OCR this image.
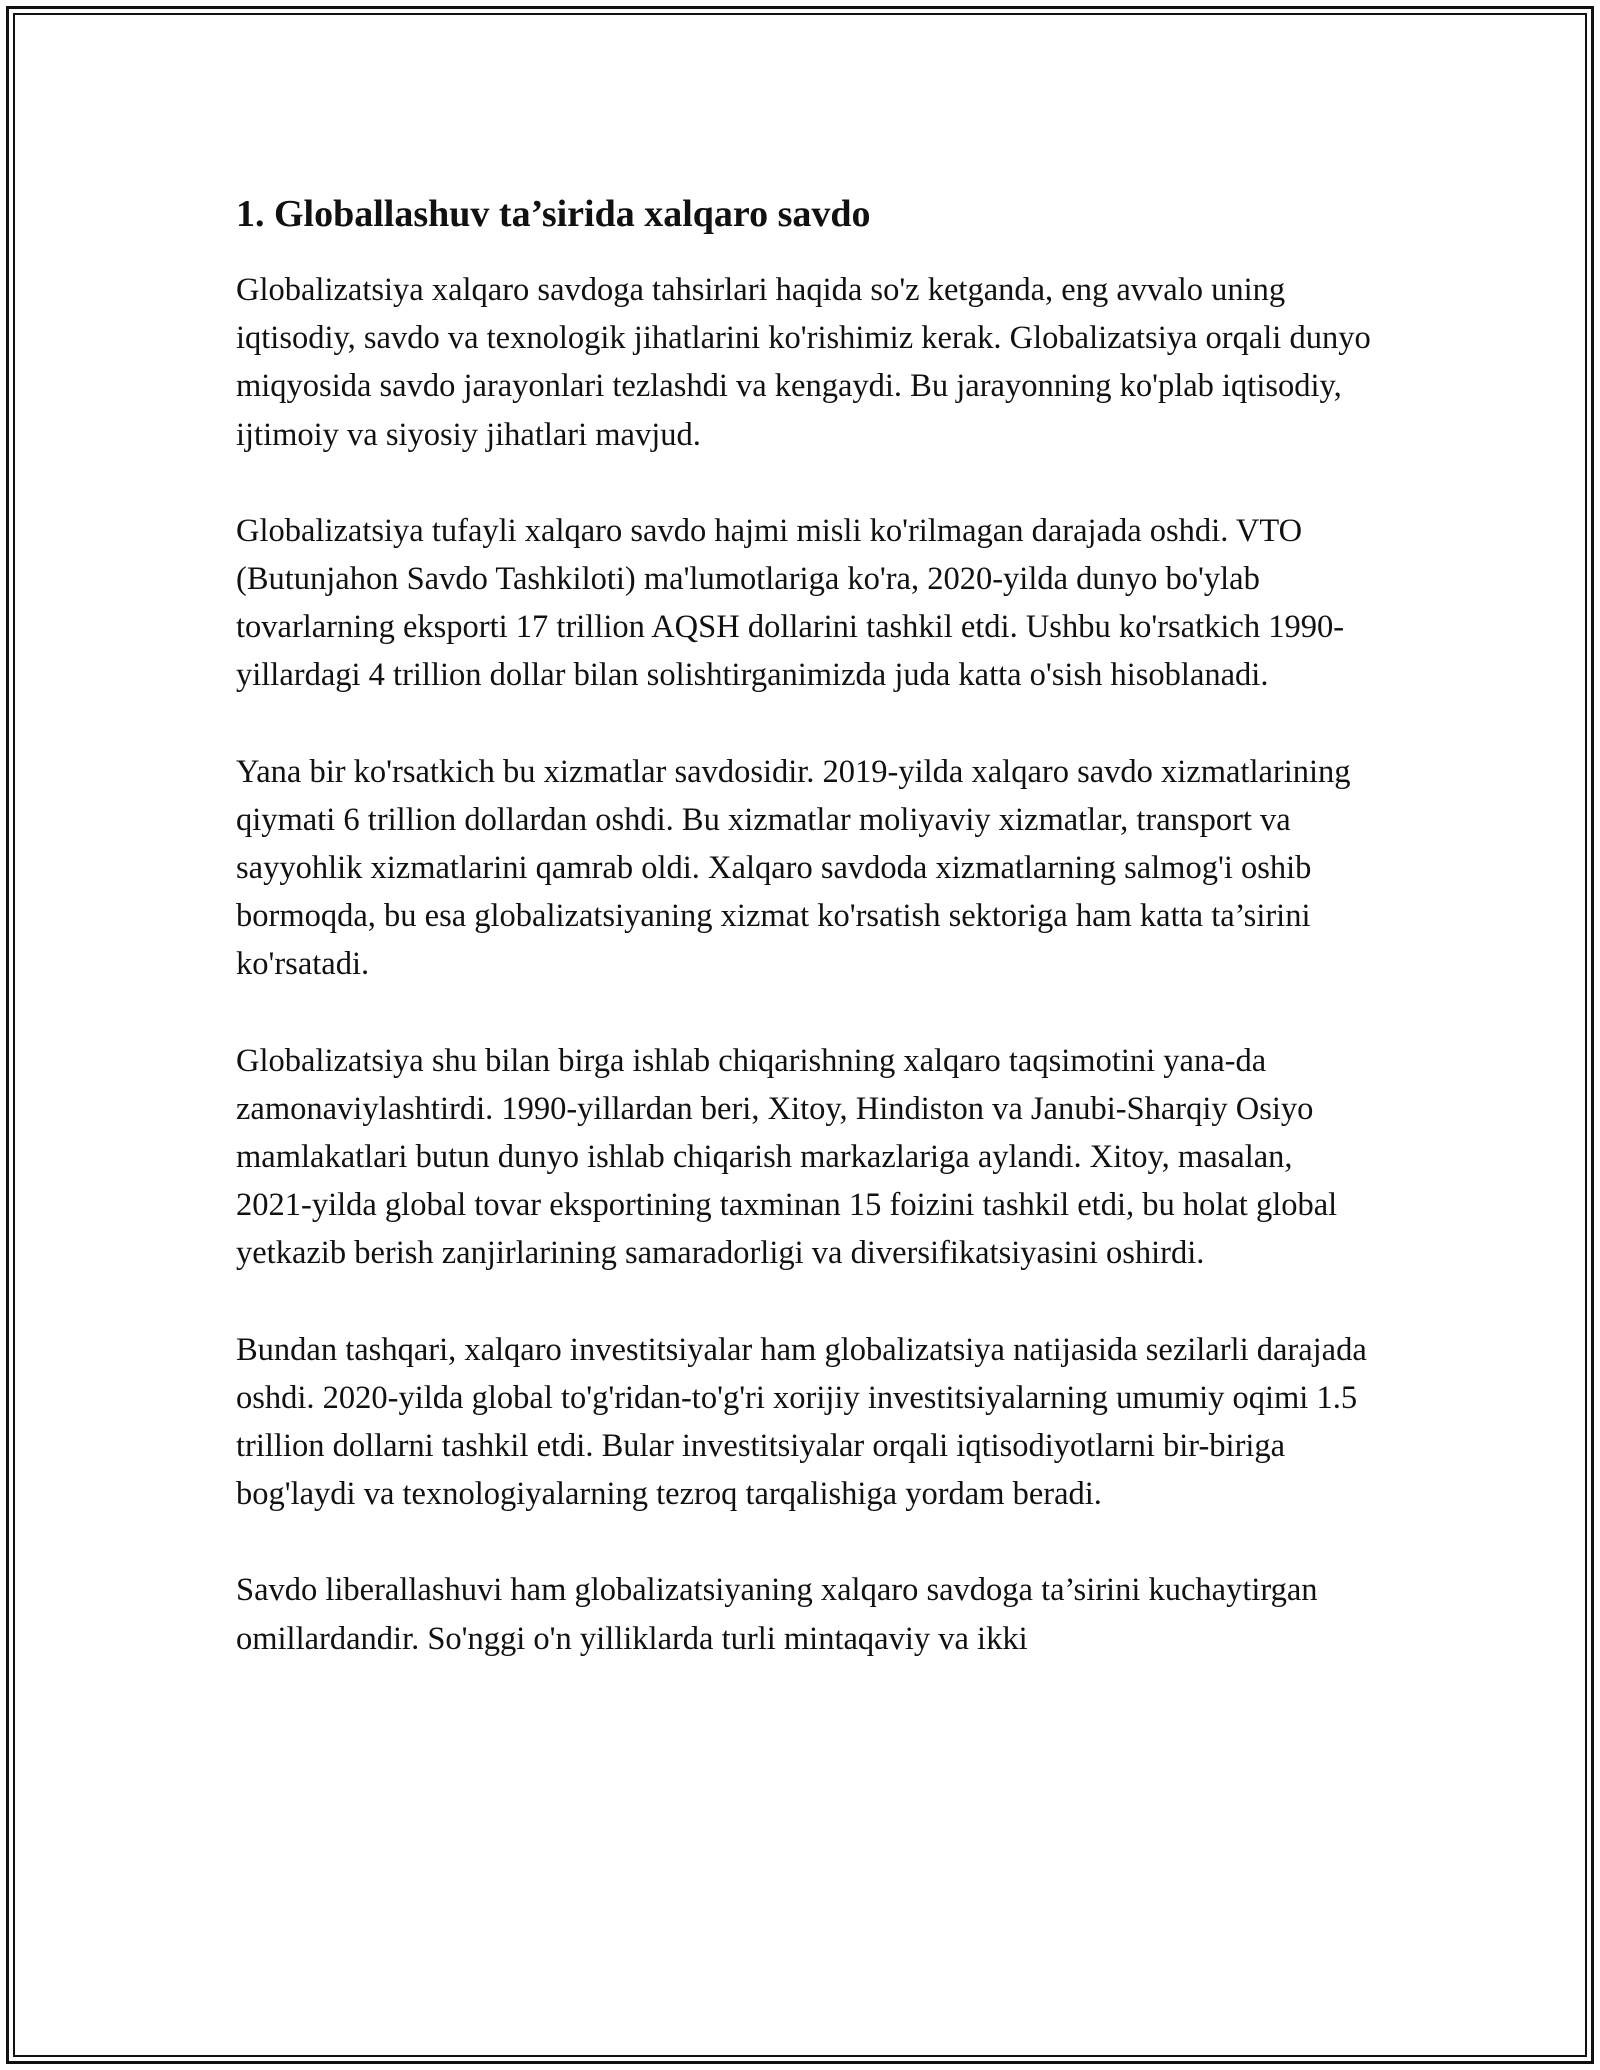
1. Globallashuv ta’sirida xalqaro savdo

Globalizatsiya xalqaro savdoga tahsirlari haqida so'z ketganda, eng avvalo uning iqtisodiy, savdo va texnologik jihatlarini ko'rishimiz kerak. Globalizatsiya orqali dunyo miqyosida savdo jarayonlari tezlashdi va kengaydi. Bu jarayonning ko'plab iqtisodiy, ijtimoiy va siyosiy jihatlari mavjud.

Globalizatsiya tufayli xalqaro savdo hajmi misli ko'rilmagan darajada oshdi. VTO (Butunjahon Savdo Tashkiloti) ma'lumotlariga ko'ra, 2020-yilda dunyo bo'ylab tovarlarning eksporti 17 trillion AQSH dollarini tashkil etdi. Ushbu ko'rsatkich 1990-yillardagi 4 trillion dollar bilan solishtirganimizda juda katta o'sish hisoblanadi.

Yana bir ko'rsatkich bu xizmatlar savdosidir. 2019-yilda xalqaro savdo xizmatlarining qiymati 6 trillion dollardan oshdi. Bu xizmatlar moliyaviy xizmatlar, transport va sayyohlik xizmatlarini qamrab oldi. Xalqaro savdoda xizmatlarning salmog'i oshib bormoqda, bu esa globalizatsiyaning xizmat ko'rsatish sektoriga ham katta ta’sirini ko'rsatadi.

Globalizatsiya shu bilan birga ishlab chiqarishning xalqaro taqsimotini yana-da zamonaviylashtirdi. 1990-yillardan beri, Xitoy, Hindiston va Janubi-Sharqiy Osiyo mamlakatlari butun dunyo ishlab chiqarish markazlariga aylandi. Xitoy, masalan, 2021-yilda global tovar eksportining taxminan 15 foizini tashkil etdi, bu holat global yetkazib berish zanjirlarining samaradorligi va diversifikatsiyasini oshirdi.

Bundan tashqari, xalqaro investitsiyalar ham globalizatsiya natijasida sezilarli darajada oshdi. 2020-yilda global to'g'ridan-to'g'ri xorijiy investitsiyalarning umumiy oqimi 1.5 trillion dollarni tashkil etdi. Bular investitsiyalar orqali iqtisodiyotlarni bir-biriga bog'laydi va texnologiyalarning tezroq tarqalishiga yordam beradi.

Savdo liberallashuvi ham globalizatsiyaning xalqaro savdoga ta’sirini kuchaytirgan omillardandir. So'nggi o'n yilliklarda turli mintaqaviy va ikki
